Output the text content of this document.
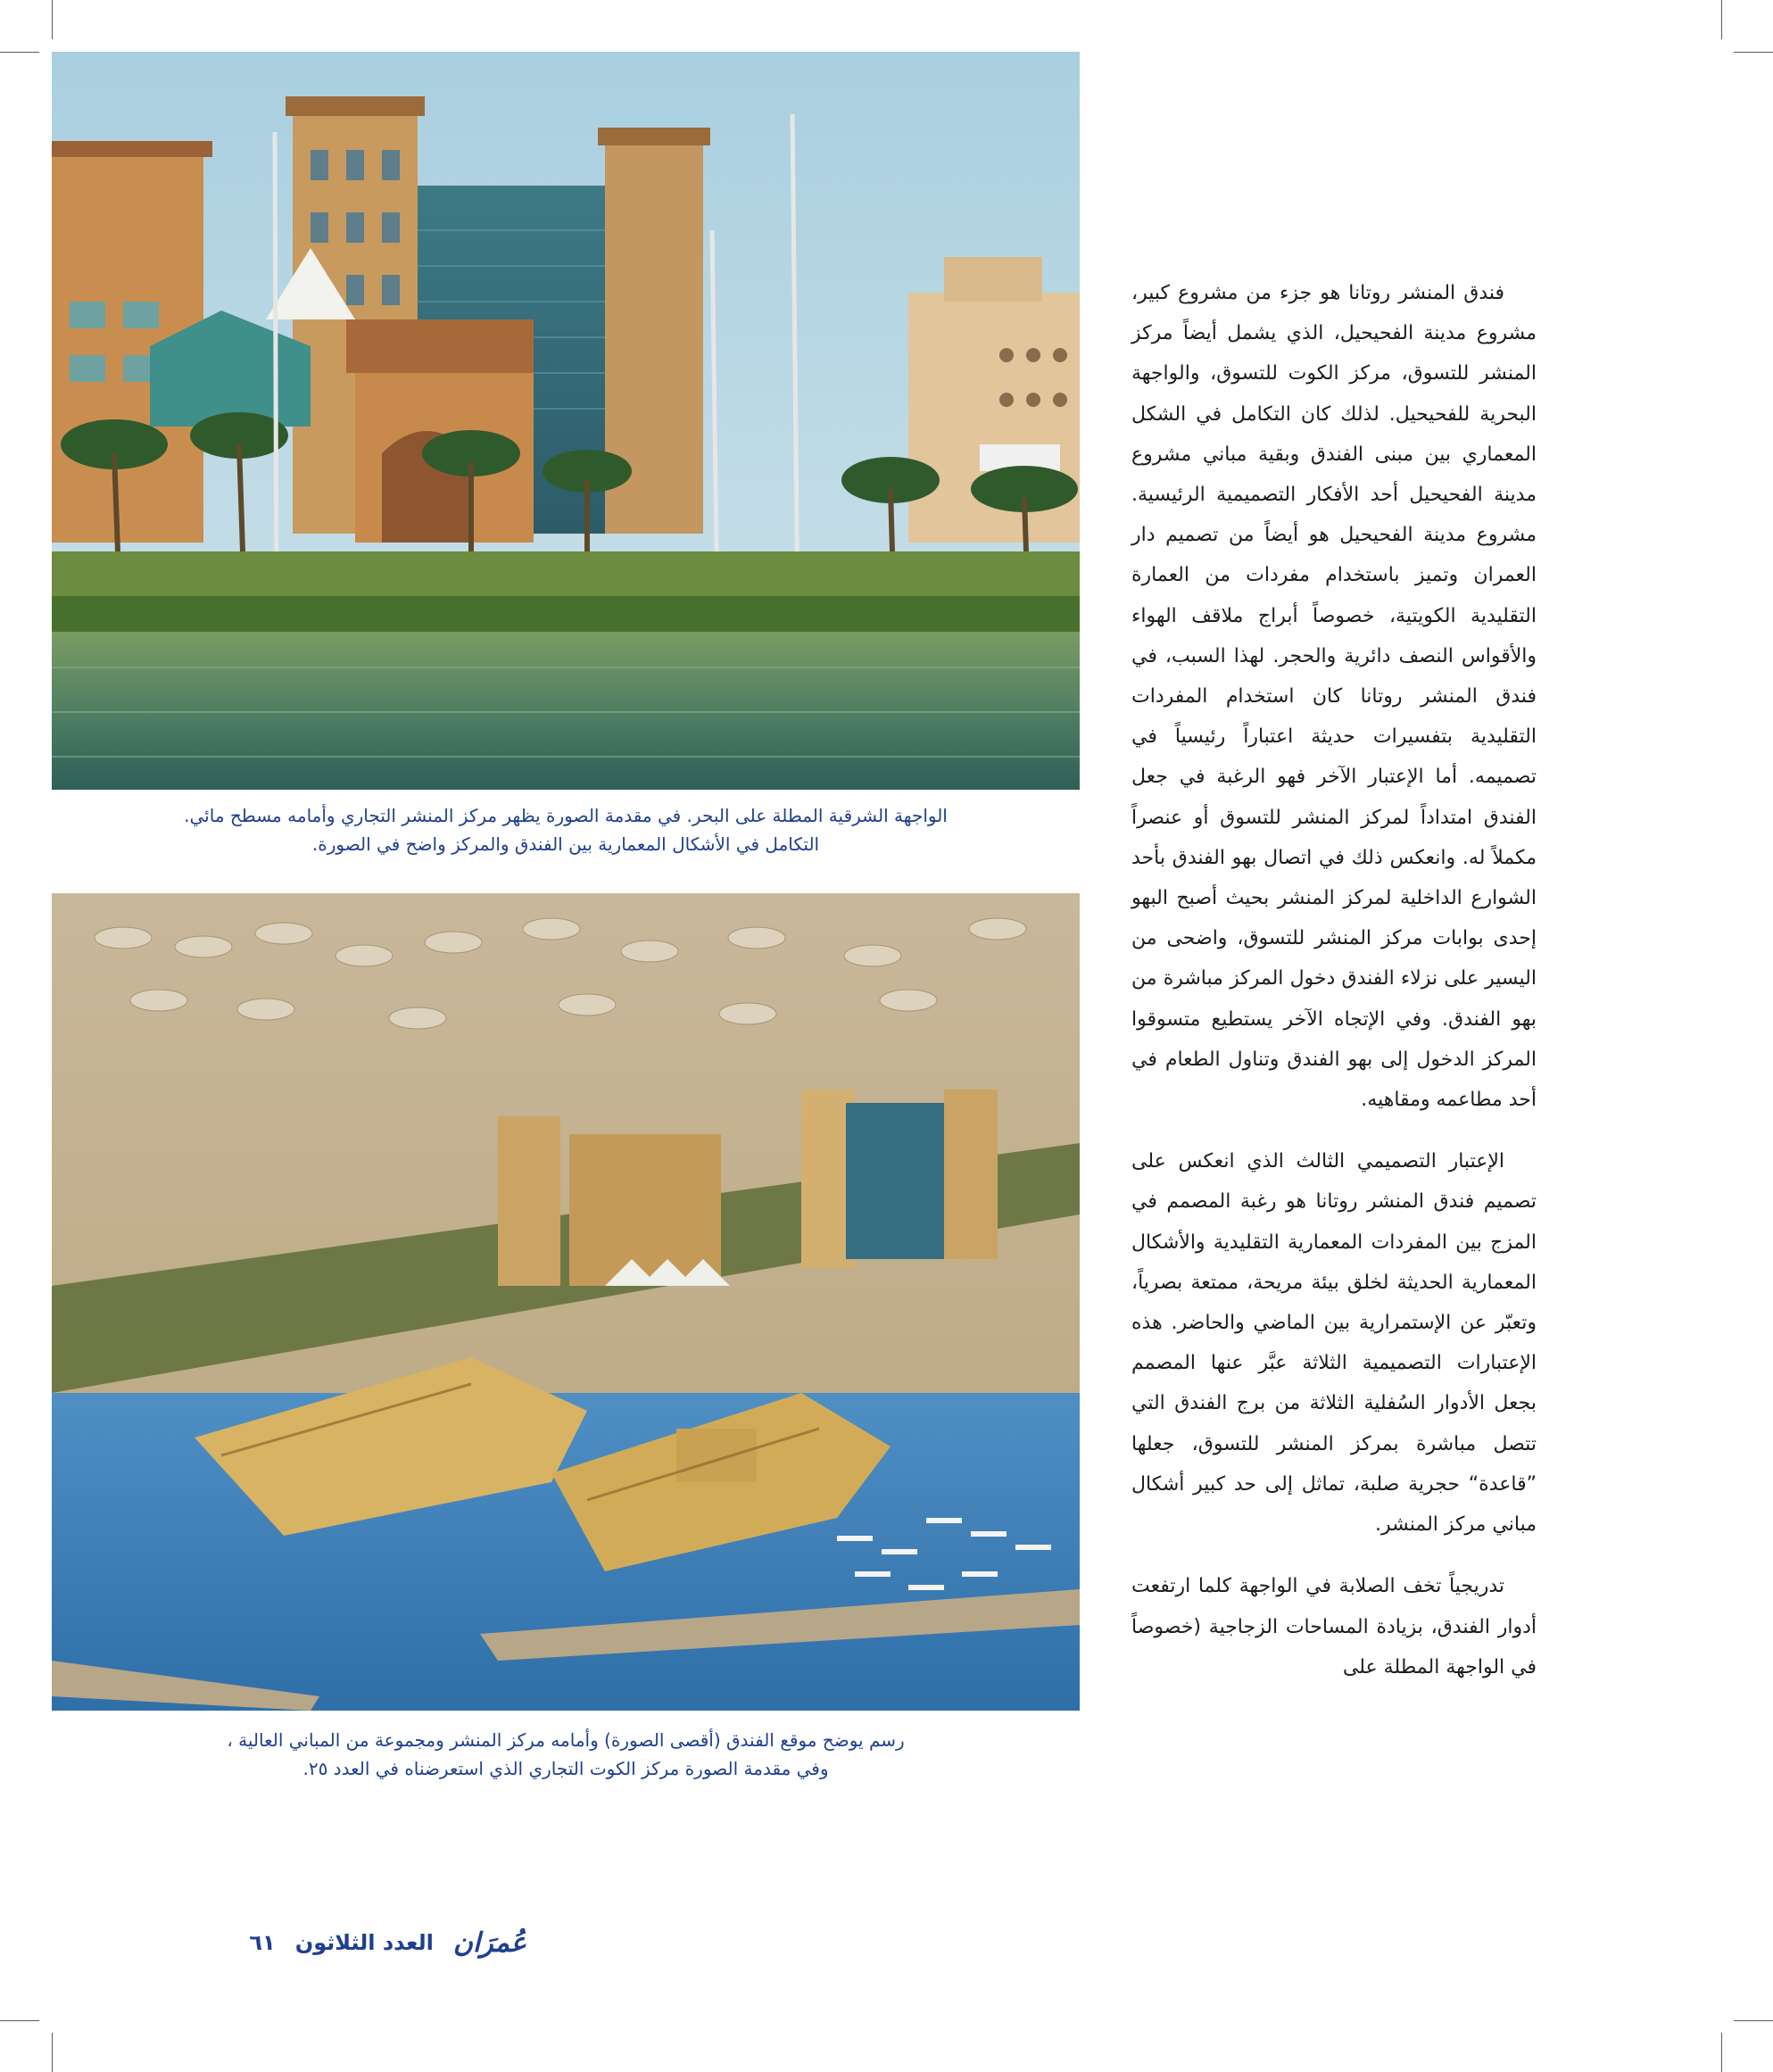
الواجهة الشرقية المطلة على البحر. في مقدمة الصورة يظهر مركز المنشر التجاري وأمامه مسطح مائي.
التكامل في الأشكال المعمارية بين الفندق والمركز واضح في الصورة.
رسم يوضح موقع الفندق (أقصى الصورة) وأمامه مركز المنشر ومجموعة من المباني العالية ،
وفي مقدمة الصورة مركز الكوت التجاري الذي استعرضناه في العدد ٢٥.

فندق المنشر روتانا هو جزء من مشروع كبير، مشروع مدينة الفحيحيل، الذي يشمل أيضاً مركز المنشر للتسوق، مركز الكوت للتسوق، والواجهة البحرية للفحيحيل. لذلك كان التكامل في الشكل المعماري بين مبنى الفندق وبقية مباني مشروع مدينة الفحيحيل أحد الأفكار التصميمية الرئيسية. مشروع مدينة الفحيحيل هو أيضاً من تصميم دار العمران وتميز باستخدام مفردات من العمارة التقليدية الكويتية، خصوصاً أبراج ملاقف الهواء والأقواس النصف دائرية والحجر. لهذا السبب، في فندق المنشر روتانا كان استخدام المفردات التقليدية بتفسيرات حديثة اعتباراً رئيسياً في تصميمه. أما الإعتبار الآخر فهو الرغبة في جعل الفندق امتداداً لمركز المنشر للتسوق أو عنصراً مكملاً له. وانعكس ذلك في اتصال بهو الفندق بأحد الشوارع الداخلية لمركز المنشر بحيث أصبح البهو إحدى بوابات مركز المنشر للتسوق، واضحى من اليسير على نزلاء الفندق دخول المركز مباشرة من بهو الفندق. وفي الإتجاه الآخر يستطيع متسوقوا المركز الدخول إلى بهو الفندق وتناول الطعام في أحد مطاعمه ومقاهيه.

الإعتبار التصميمي الثالث الذي انعكس على تصميم فندق المنشر روتانا هو رغبة المصمم في المزج بين المفردات المعمارية التقليدية والأشكال المعمارية الحديثة لخلق بيئة مريحة، ممتعة بصرياً، وتعبّر عن الإستمرارية بين الماضي والحاضر. هذه الإعتبارات التصميمية الثلاثة عبَّر عنها المصمم بجعل الأدوار السُفلية الثلاثة من برج الفندق التي تتصل مباشرة بمركز المنشر للتسوق، جعلها ”قاعدة“ حجرية صلبة، تماثل إلى حد كبير أشكال مباني مركز المنشر.

تدريجياً تخف الصلابة في الواجهة كلما ارتفعت أدوار الفندق، بزيادة المساحات الزجاجية (خصوصاً في الواجهة المطلة على

عُمرَان
العدد الثلاثون
٦١
